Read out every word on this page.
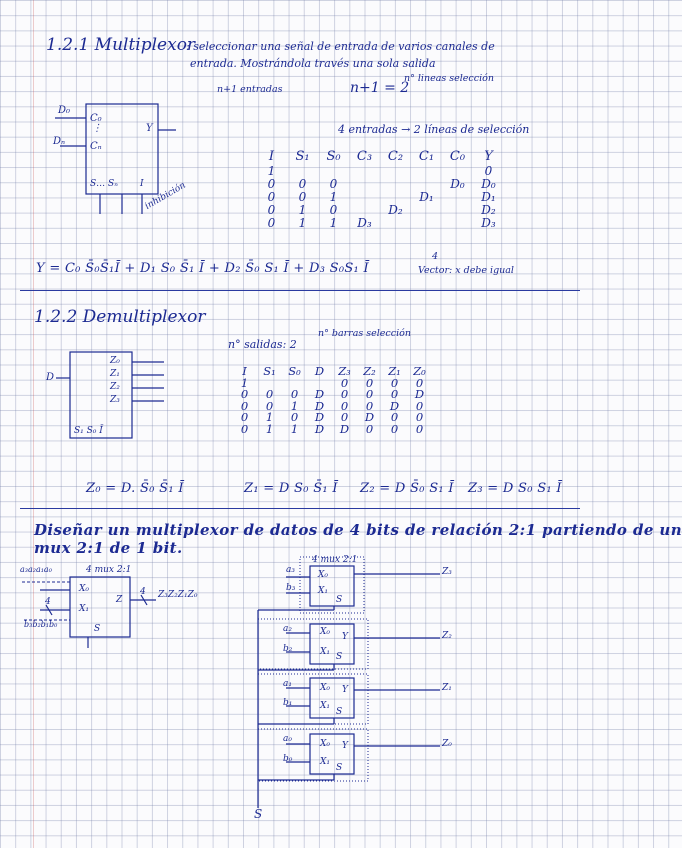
1.2.1 Multiplexor
: seleccionar una señal de entrada de varios canales de
entrada. Mostrándola través una sola salida
n+1 entradas	n+1 = 2
n° lineas selección
4 entradas → 2 líneas de selección
D₀
Dₙ
C₀
⋮
Cₙ
Y
S… Sₙ I inhibición
I	S₁	S₀	C₃	C₂	C₁	C₀	Y
1							0
0	0	0				D₀	D₀
0	0	1			D₁		D₁
0	1	0		D₂			D₂
0	1	1	D₃				D₃
Y = C₀ S̄₀S̄₁Ī + D₁ S₀ S̄₁ Ī + D₂ S̄₀ S₁ Ī + D₃ S₀S₁ Ī
4
Vector: x debe igual
1.2.2 Demultiplexor
n° salidas: 2
n° barras selección
D
Z₀
Z₁
Z₂
Z₃
S₁ S₀ Ī
I	S₁	S₀	D	Z₃	Z₂	Z₁	Z₀
1				0	0	0	0
0	0	0	D	0	0	0	D
0	0	1	D	0	0	D	0
0	1	0	D	0	D	0	0
0	1	1	D	D	0	0	0
Z₀ = D. S̄₀ S̄₁ Ī	Z₁ = D S₀ S̄₁ Ī Z₂ = D S̄₀ S₁ Ī Z₃ = D S₀ S₁ Ī
Diseñar un multiplexor de datos de 4 bits de relación 2:1 partiendo de un
mux 2:1 de 1 bit.
4 mux 2:1
a₃a₂a₁a₀
b₃b₂b₁b₀
4
X₀
X₁
Z
S
4 Z₃Z₂Z₁Z₀
4 mux 2:1
a₃
b₃
X₀
X₁
S
Z₃
a₂
b₂
X₀
X₁
Y
S
Z₂
a₁
b₁
X₀
X₁
Y
S
Z₁
a₀
b₀
X₀
X₁
Y
S
Z₀
S
